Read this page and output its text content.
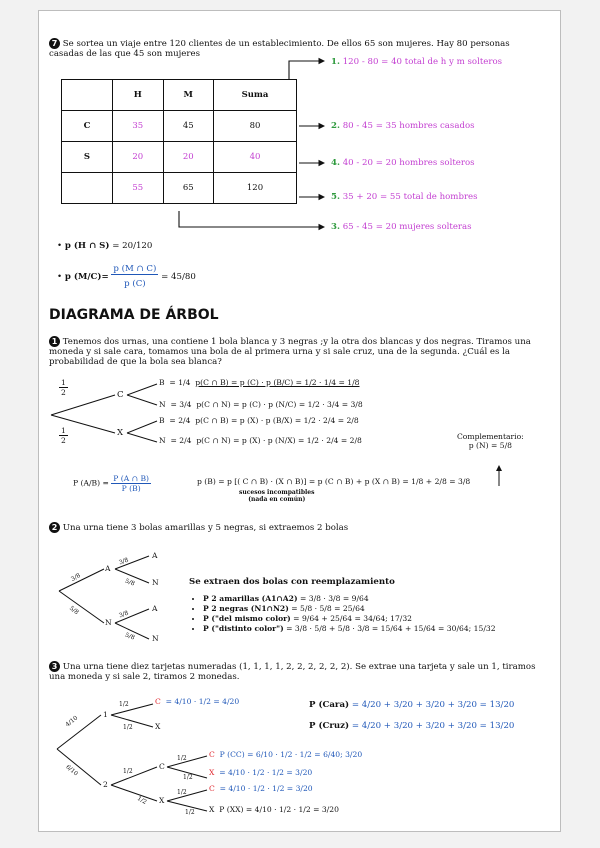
7 Se sortea un viaje entre 120 clientes de un establecimiento. De ellos 65 son mujeres. Hay 80 personas casadas de las que 45 son mujeres
	H	M	Suma
C	35	45	80
S	20	20	40
	55	65	120
1. 120 - 80 = 40 total de h y m solteros
2. 80 - 45 = 35 hombres casados
4. 40 - 20 = 20 hombres solteros
5. 35 + 20 = 55 total de hombres
3. 65 - 45 = 20 mujeres solteras
• p (H ∩ S) = 20/120
• p $(M/C)= \frac{p (M \cap C)}{p (C)} = 45/80$
DIAGRAMA DE ÁRBOL
1 Tenemos dos urnas, una contiene 1 bola blanca y 3 negras ;y la otra dos blancas y dos negras. Tiramos una moneda y si sale cara, tomamos una bola de al primera urna y si sale cruz, una de la segunda. ¿Cuál es la probabilidad de que la bola sea blanca?
$\frac{1}{2}$
$\frac{1}{2}$
C
X
B = 1/4 p(C ∩ B) = p (C) · p (B/C) = 1/2 · 1/4 = 1/8
N = 3/4 p(C ∩ N) = p (C) · p (N/C) = 1/2 · 3/4 = 3/8
B = 2/4 p(C ∩ B) = p (X) · p (B/X) = 1/2 · 2/4 = 2/8
N = 2/4 p(C ∩ N) = p (X) · p (N/X) = 1/2 · 2/4 = 2/8	Complementario:
p (N) = 5/8
P $(A/B) = \frac{P (A \cap B)}{P (B)}$	p (B) = p [( C ∩ B) · (X ∩ B)] = p (C ∩ B) + p (X ∩ B) = 1/8 + 2/8 = 3/8
sucesos incompatibles
(nada en común)
2 Una urna tiene 3 bolas amarillas y 5 negras, si extraemos 2 bolas
3/8
5/8
A
N
3/8
5/8
3/8
5/8
A
N
A
N
Se extraen dos bolas con reemplazamiento
• P 2 amarillas (A1∩A2) = 3/8 · 3/8 = 9/64
• P 2 negras (N1∩N2) = 5/8 · 5/8 = 25/64
• P ("del mismo color) = 9/64 + 25/64 = 34/64; 17/32
• P ("distinto color") = 3/8 · 5/8 + 5/8 · 3/8 = 15/64 + 15/64 = 30/64; 15/32
3 Una urna tiene diez tarjetas numeradas (1, 1, 1, 1, 2, 2, 2, 2, 2, 2). Se extrae una tarjeta y sale un 1, tiramos una moneda y si sale 2, tiramos 2 monedas.
4/10
6/10
1
2
1/2
1/2
1/2
1/2
1/2
1/2
1/2
1/2
C = 4/10 · 1/2 = 4/20
X
C
X
C P (CC) = 6/10 · 1/2 · 1/2 = 6/40; 3/20
X = 4/10 · 1/2 · 1/2 = 3/20
C = 4/10 · 1/2 · 1/2 = 3/20
X P (XX) = 4/10 · 1/2 · 1/2 = 3/20
P (Cara) = 4/20 + 3/20 + 3/20 + 3/20 = 13/20
P (Cruz) = 4/20 + 3/20 + 3/20 + 3/20 = 13/20
